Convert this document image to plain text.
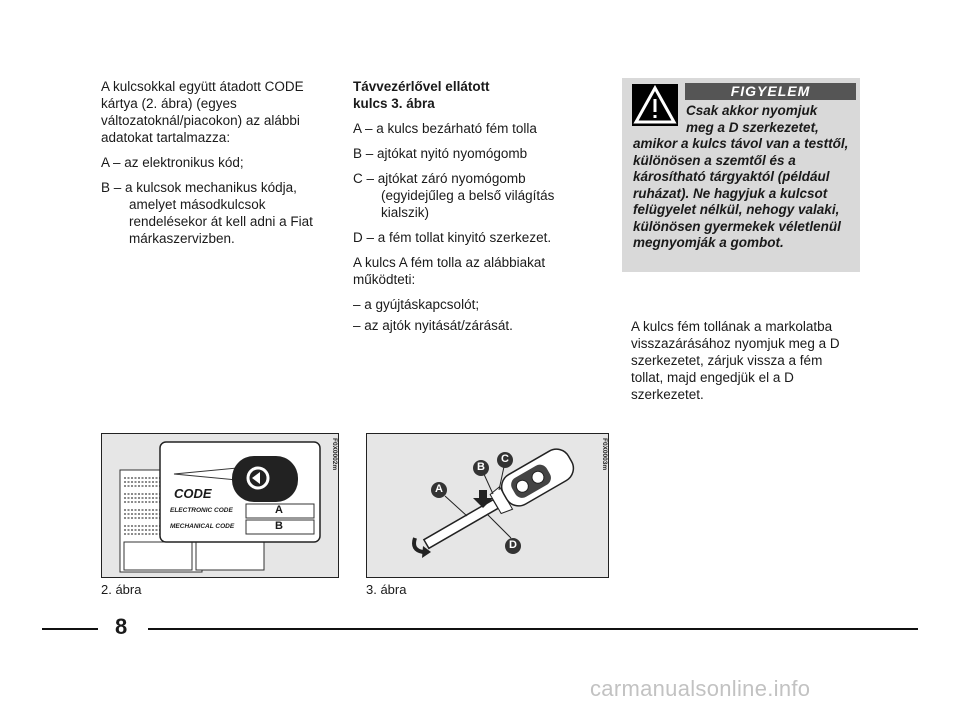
A kulcsokkal együtt átadott CODE kártya (2. ábra) (egyes változatoknál/piacokon) az alábbi adatokat tartalmazza:

A – az elektronikus kód;

B – a kulcsok mechanikus kódja, amelyet másodkulcsok rendelésekor át kell adni a Fiat márkaszervizben.

Távvezérlővel ellátott
kulcs 3. ábra

A – a kulcs bezárható fém tolla

B – ajtókat nyitó nyomógomb

C – ajtókat záró nyomógomb (egyidejűleg a belső világítás kialszik)

D – a fém tollat kinyitó szerkezet.

A kulcs A fém tolla az alábbiakat működteti:

– a gyújtáskapcsolót;

– az ajtók nyitását/zárását.

FIGYELEM
Csak akkor nyomjuk
meg a D szerkezetet,
amikor a kulcs távol van a testtől, különösen a szemtől és a károsítható tárgyaktól (például ruházat). Ne hagyjuk a kulcsot felügyelet nélkül, nehogy valaki, különösen gyermekek véletlenül megnyomják a gombot.

A kulcs fém tollának a markolatba visszazárásához nyomjuk meg a D szerkezetet, zárjuk vissza a fém tollat, majd engedjük el a D szerkezetet.

CODE
ELECTRONIC CODE
MECHANICAL CODE
A
B
F0X0002m
2. ábra
A
B
C
D
F0X0003m
3. ábra
8
carmanualsonline.info
